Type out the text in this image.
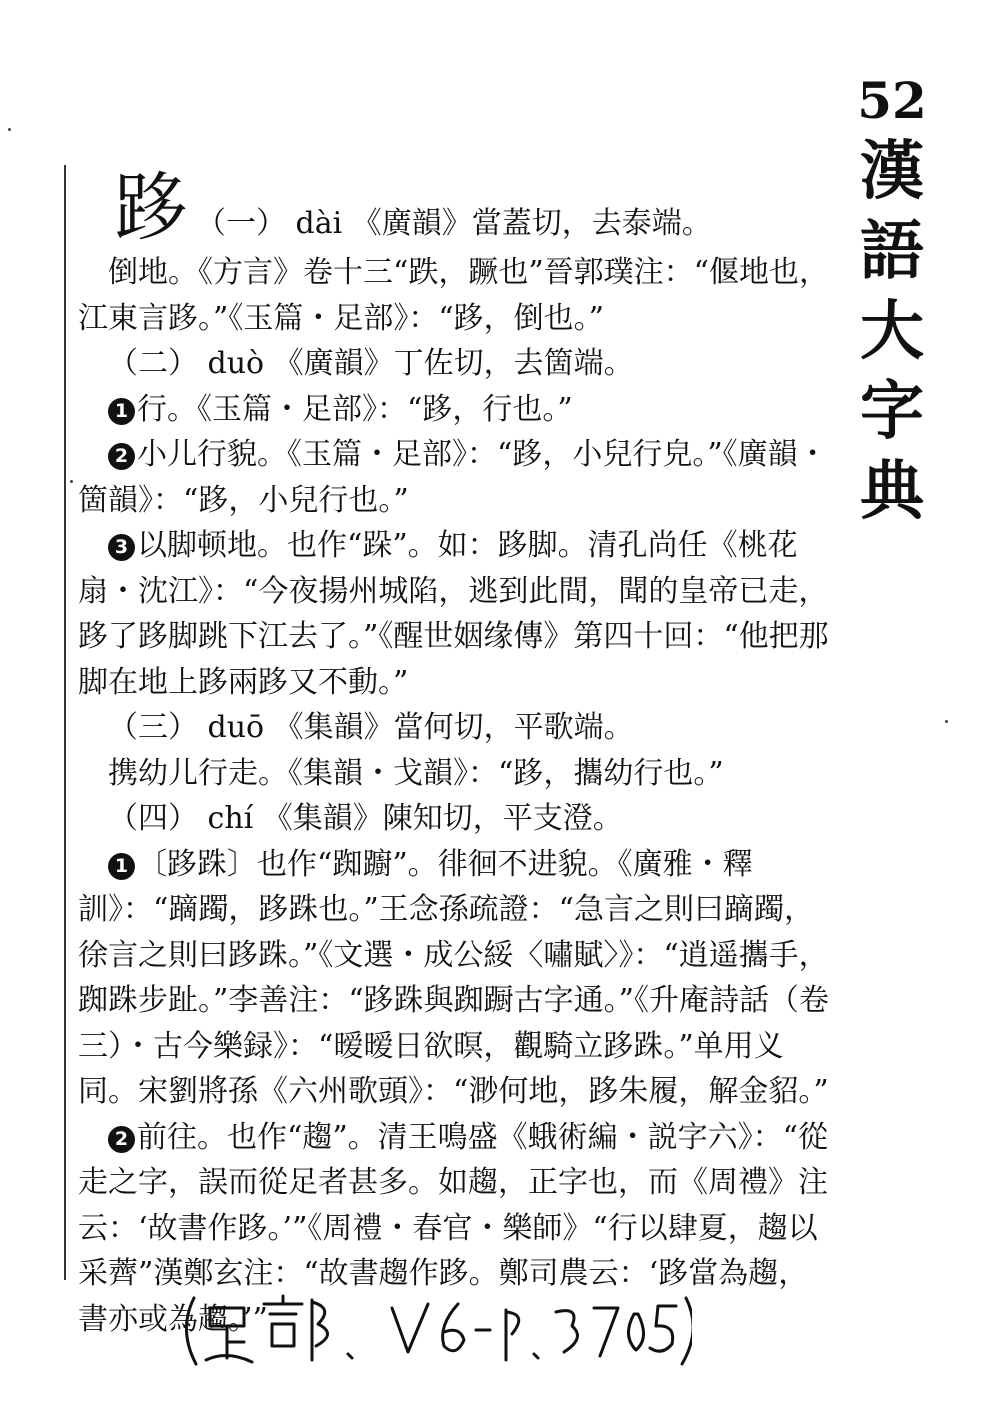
52
漢
語
大
字
典
跢 （一） dài 《廣韻》當蓋切，去泰端。

倒地。《方言》卷十三“跌，蹶也”晉郭璞注：“偃地也，江東言跢。”《玉篇・足部》：“跢，倒也。”

（二） duò 《廣韻》丁佐切，去箇端。

1 行。《玉篇・足部》：“跢，行也。”

2 小儿行貌。《玉篇・足部》：“跢，小兒行皃。”《廣韻・箇韻》：“跢，小兒行也。”

3 以脚顿地。也作“跺”。如：跢脚。清孔尚任《桃花扇・沈江》：“今夜揚州城陷，逃到此間，聞的皇帝已走，跢了跢脚跳下江去了。”《醒世姻缘傳》第四十回：“他把那脚在地上跢兩跢又不動。”

（三） duō 《集韻》當何切，平歌端。

携幼儿行走。《集韻・戈韻》：“跢，攜幼行也。”

（四） chí 《集韻》陳知切，平支澄。

1 〔跢跦〕也作“踟躕”。徘徊不进貌。《廣雅・釋訓》：“蹢躅，跢跦也。”王念孫疏證：“急言之則曰蹢躅，徐言之則曰跢跦。”《文選・成公綏〈嘯賦〉》：“逍遥攜手，踟跦步趾。”李善注：“跢跦與踟蹰古字通。”《升庵詩話（卷三）・古今樂録》：“暧暧日欲暝，觀騎立跢跦。”单用义同。宋劉將孫《六州歌頭》：“渺何地，跢朱履，解金貂。”

2 前往。也作“趨”。清王鳴盛《蛾術編・説字六》：“從走之字，誤而從足者甚多。如趨，正字也，而《周禮》注云：‘故書作跢。’”《周禮・春官・樂師》“行以肆夏，趨以采薺”漢鄭玄注：“故書趨作跢。鄭司農云：‘跢當為趨，書亦或為趨。’”
